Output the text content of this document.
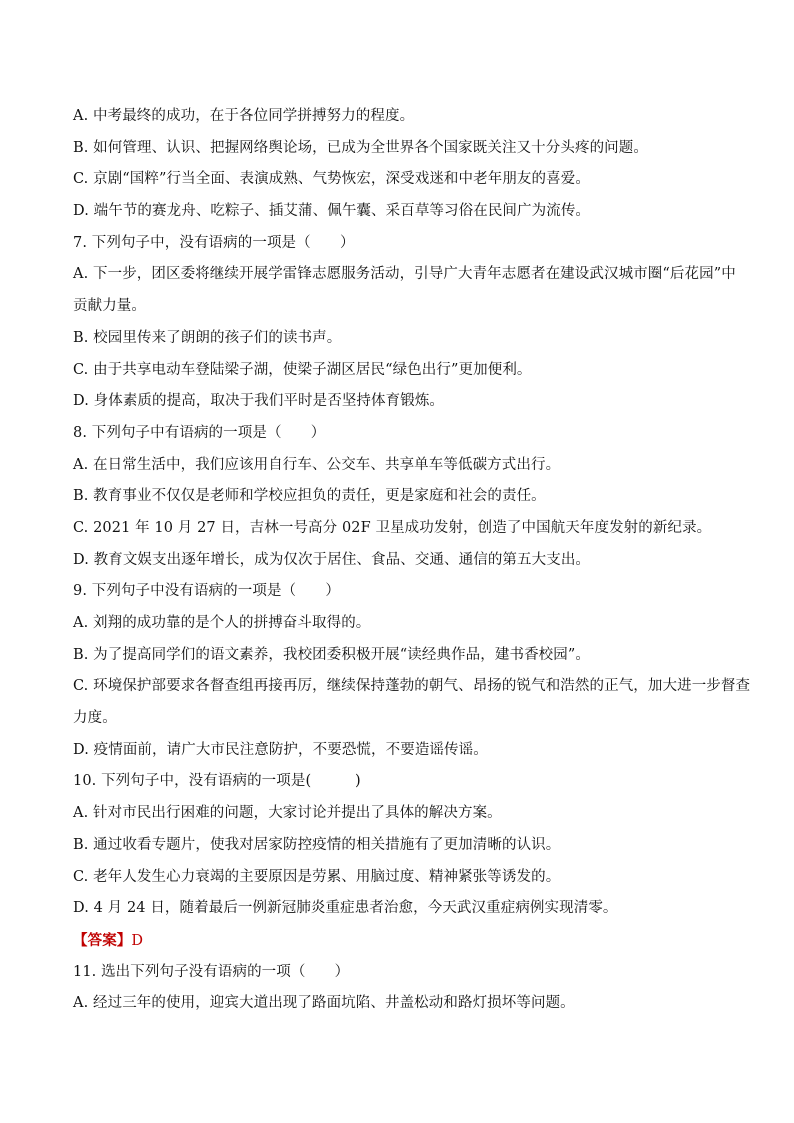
A. 中考最终的成功，在于各位同学拼搏努力的程度。
B. 如何管理、认识、把握网络舆论场，已成为全世界各个国家既关注又十分头疼的问题。
C. 京剧“国粹”行当全面、表演成熟、气势恢宏，深受戏迷和中老年朋友的喜爱。
D. 端午节的赛龙舟、吃粽子、插艾蒲、佩午囊、采百草等习俗在民间广为流传。
7. 下列句子中，没有语病的一项是（　　）
A. 下一步，团区委将继续开展学雷锋志愿服务活动，引导广大青年志愿者在建设武汉城市圈“后花园”中
贡献力量。
B. 校园里传来了朗朗的孩子们的读书声。
C. 由于共享电动车登陆梁子湖，使梁子湖区居民“绿色出行”更加便利。
D. 身体素质的提高，取决于我们平时是否坚持体育锻炼。
8. 下列句子中有语病的一项是（　　）
A. 在日常生活中，我们应该用自行车、公交车、共享单车等低碳方式出行。
B. 教育事业不仅仅是老师和学校应担负的责任，更是家庭和社会的责任。
C. 2021 年 10 月 27 日，吉林一号高分 02F 卫星成功发射，创造了中国航天年度发射的新纪录。
D. 教育文娱支出逐年增长，成为仅次于居住、食品、交通、通信的第五大支出。
9. 下列句子中没有语病的一项是（　　）
A. 刘翔的成功靠的是个人的拼搏奋斗取得的。
B. 为了提高同学们的语文素养，我校团委积极开展“读经典作品，建书香校园”。
C. 环境保护部要求各督查组再接再厉，继续保持蓬勃的朝气、昂扬的锐气和浩然的正气，加大进一步督查
力度。
D. 疫情面前，请广大市民注意防护，不要恐慌，不要造谣传谣。
10. 下列句子中，没有语病的一项是(　　　)
A. 针对市民出行困难的问题，大家讨论并提出了具体的解决方案。
B. 通过收看专题片，使我对居家防控疫情的相关措施有了更加清晰的认识。
C. 老年人发生心力衰竭的主要原因是劳累、用脑过度、精神紧张等诱发的。
D. 4 月 24 日，随着最后一例新冠肺炎重症患者治愈，今天武汉重症病例实现清零。
【答案】D
11. 选出下列句子没有语病的一项（　　）
A. 经过三年的使用，迎宾大道出现了路面坑陷、井盖松动和路灯损坏等问题。
